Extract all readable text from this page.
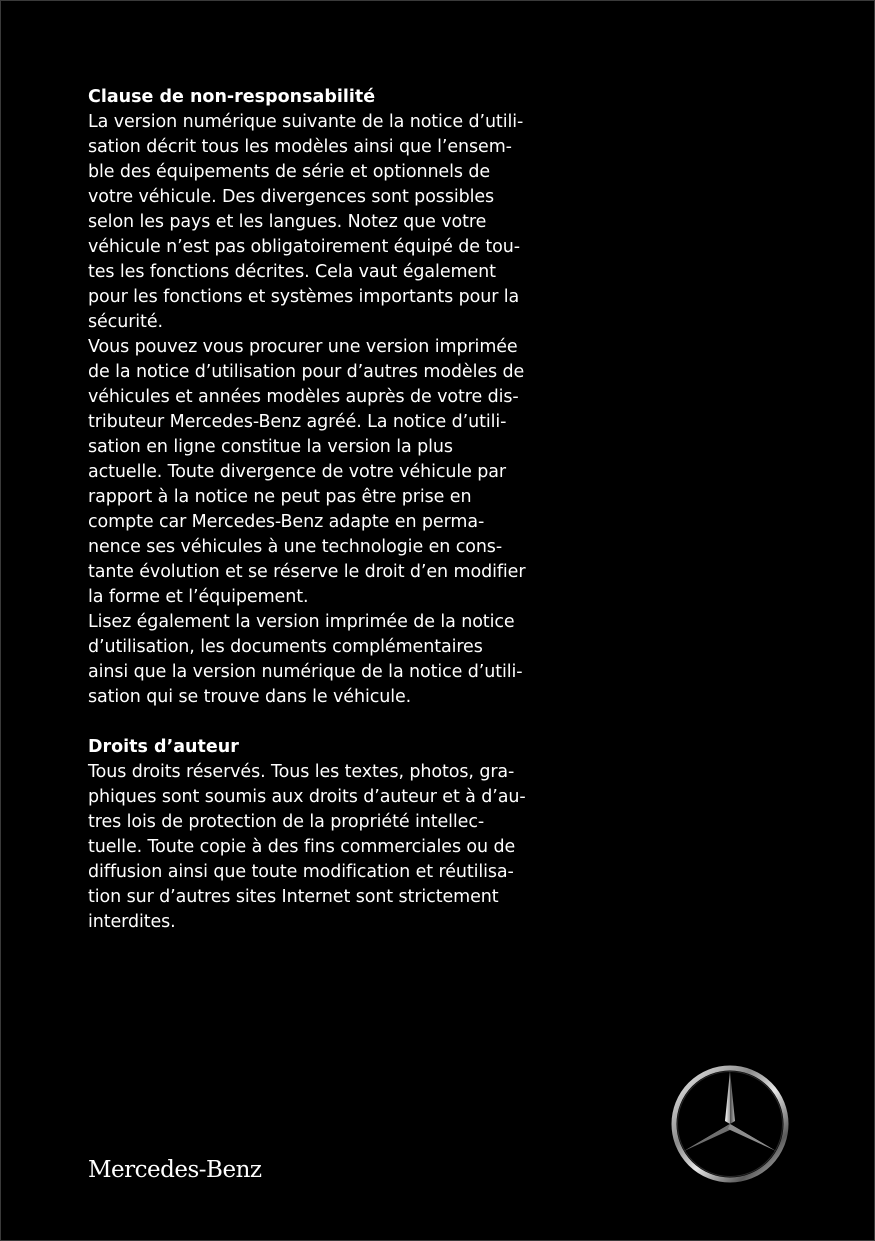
Clause de non-responsabilité

La version numérique suivante de la notice d’utili-
sation décrit tous les modèles ainsi que l’ensem-
ble des équipements de série et optionnels de
votre véhicule. Des divergences sont possibles
selon les pays et les langues. Notez que votre
véhicule n’est pas obligatoirement équipé de tou-
tes les fonctions décrites. Cela vaut également
pour les fonctions et systèmes importants pour la
sécurité.

Vous pouvez vous procurer une version imprimée
de la notice d’utilisation pour d’autres modèles de
véhicules et années modèles auprès de votre dis-
tributeur Mercedes-Benz agréé. La notice d’utili-
sation en ligne constitue la version la plus
actuelle. Toute divergence de votre véhicule par
rapport à la notice ne peut pas être prise en
compte car Mercedes-Benz adapte en perma-
nence ses véhicules à une technologie en cons-
tante évolution et se réserve le droit d’en modifier
la forme et l’équipement.

Lisez également la version imprimée de la notice
d’utilisation, les documents complémentaires
ainsi que la version numérique de la notice d’utili-
sation qui se trouve dans le véhicule.

Droits d’auteur

Tous droits réservés. Tous les textes, photos, gra-
phiques sont soumis aux droits d’auteur et à d’au-
tres lois de protection de la propriété intellec-
tuelle. Toute copie à des fins commerciales ou de
diffusion ainsi que toute modification et réutilisa-
tion sur d’autres sites Internet sont strictement
interdites.

Mercedes-Benz
